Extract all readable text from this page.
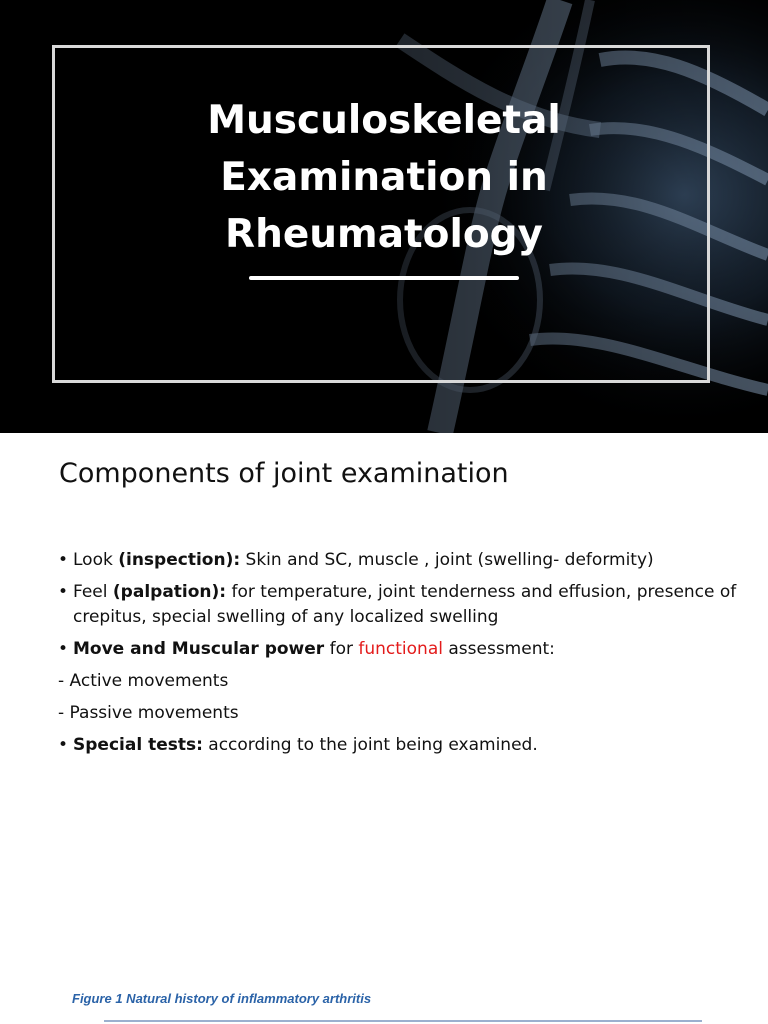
Musculoskeletal
Examination in
Rheumatology
Components of joint examination
• Look (inspection): Skin and SC, muscle , joint (swelling- deformity)
• Feel (palpation): for temperature, joint tenderness and effusion, presence of crepitus, special swelling of any localized swelling
• Move and Muscular power for functional assessment:
- Active movements
- Passive movements
• Special tests: according to the joint being examined.
Figure 1 Natural history of inflammatory arthritis
